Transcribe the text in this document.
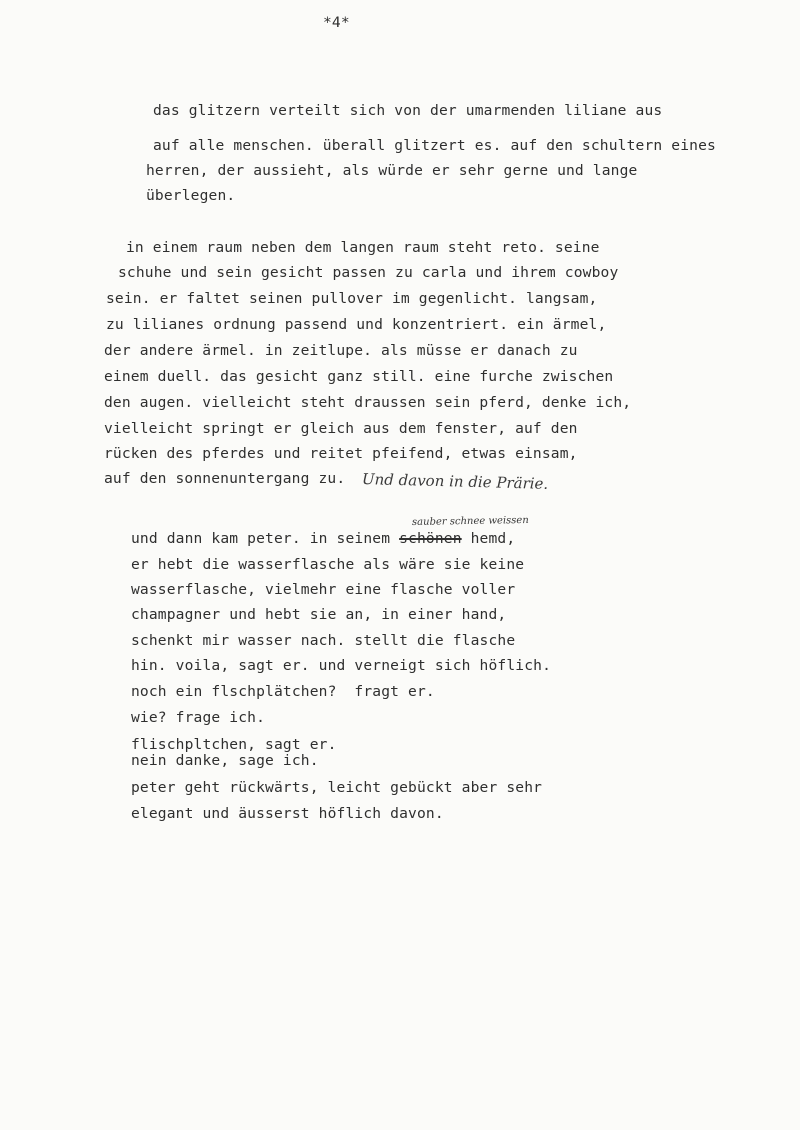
*4*
das glitzern verteilt sich von der umarmenden liliane aus
auf alle menschen. überall glitzert es. auf den schultern eines
herren, der aussieht, als würde er sehr gerne und lange
überlegen.
in einem raum neben dem langen raum steht reto. seine
schuhe und sein gesicht passen zu carla und ihrem cowboy
sein. er faltet seinen pullover im gegenlicht. langsam,
zu lilianes ordnung passend und konzentriert. ein ärmel,
der andere ärmel. in zeitlupe. als müsse er danach zu
einem duell. das gesicht ganz still. eine furche zwischen
den augen. vielleicht steht draussen sein pferd, denke ich,
vielleicht springt er gleich aus dem fenster, auf den
rücken des pferdes und reitet pfeifend, etwas einsam,
auf den sonnenuntergang zu. Und davon in die Prärie.
sauber schnee weissen
und dann kam peter. in seinem schönen hemd,
er hebt die wasserflasche als wäre sie keine
wasserflasche, vielmehr eine flasche voller
champagner und hebt sie an, in einer hand,
schenkt mir wasser nach. stellt die flasche
hin. voila, sagt er. und verneigt sich höflich.
noch ein flschplätchen?  fragt er.
wie? frage ich.
flischpltchen, sagt er.
nein danke, sage ich.
peter geht rückwärts, leicht gebückt aber sehr
elegant und äusserst höflich davon.
